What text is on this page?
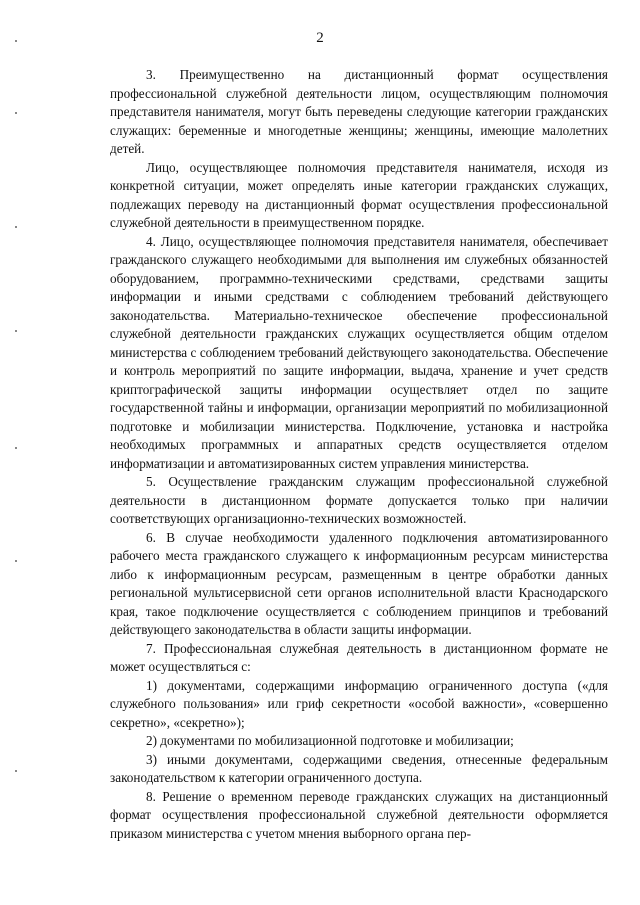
2

3. Преимущественно на дистанционный формат осуществления профессиональной служебной деятельности лицом, осуществляющим полномочия представителя нанимателя, могут быть переведены следующие категории гражданских служащих: беременные и многодетные женщины; женщины, имеющие малолетних детей.

Лицо, осуществляющее полномочия представителя нанимателя, исходя из конкретной ситуации, может определять иные категории гражданских служащих, подлежащих переводу на дистанционный формат осуществления профессиональной служебной деятельности в преимущественном порядке.

4. Лицо, осуществляющее полномочия представителя нанимателя, обеспечивает гражданского служащего необходимыми для выполнения им служебных обязанностей оборудованием, программно-техническими средствами, средствами защиты информации и иными средствами с соблюдением требований действующего законодательства. Материально-техническое обеспечение профессиональной служебной деятельности гражданских служащих осуществляется общим отделом министерства с соблюдением требований действующего законодательства. Обеспечение и контроль мероприятий по защите информации, выдача, хранение и учет средств криптографической защиты информации осуществляет отдел по защите государственной тайны и информации, организации мероприятий по мобилизационной подготовке и мобилизации министерства. Подключение, установка и настройка необходимых программных и аппаратных средств осуществляется отделом информатизации и автоматизированных систем управления министерства.

5. Осуществление гражданским служащим профессиональной служебной деятельности в дистанционном формате допускается только при наличии соответствующих организационно-технических возможностей.

6. В случае необходимости удаленного подключения автоматизированного рабочего места гражданского служащего к информационным ресурсам министерства либо к информационным ресурсам, размещенным в центре обработки данных региональной мультисервисной сети органов исполнительной власти Краснодарского края, такое подключение осуществляется с соблюдением принципов и требований действующего законодательства в области защиты информации.

7. Профессиональная служебная деятельность в дистанционном формате не может осуществляться с:

1) документами, содержащими информацию ограниченного доступа («для служебного пользования» или гриф секретности «особой важности», «совершенно секретно», «секретно»);

2) документами по мобилизационной подготовке и мобилизации;

3) иными документами, содержащими сведения, отнесенные федеральным законодательством к категории ограниченного доступа.

8. Решение о временном переводе гражданских служащих на дистанционный формат осуществления профессиональной служебной деятельности оформляется приказом министерства с учетом мнения выборного органа пер-
